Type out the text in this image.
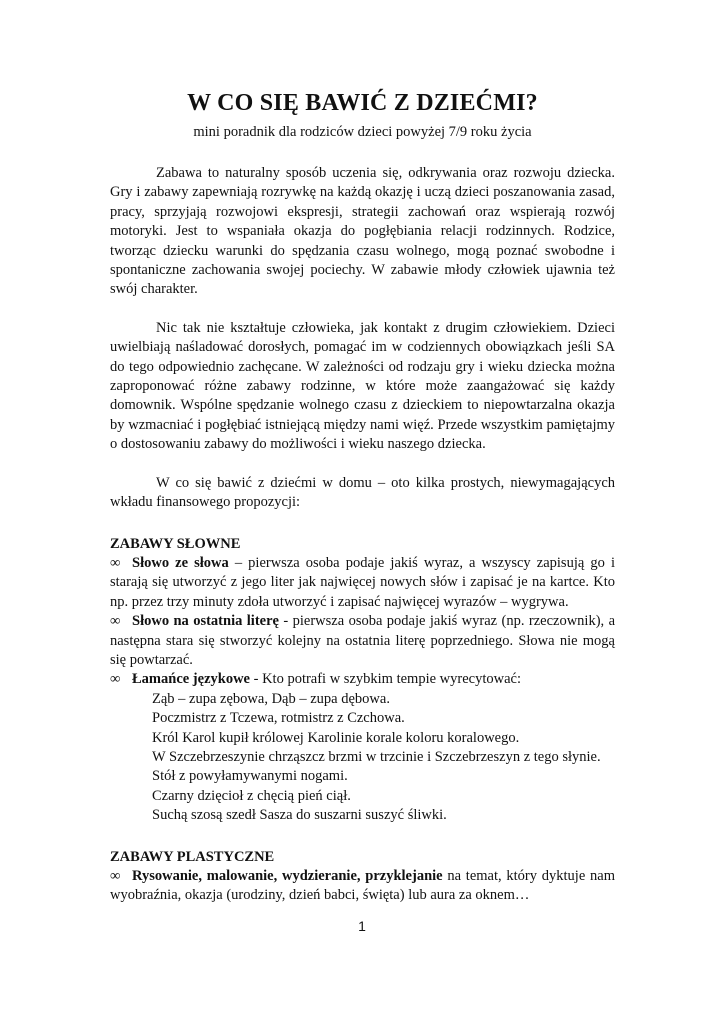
W CO SIĘ BAWIĆ Z DZIEĆMI?

mini poradnik dla rodziców dzieci powyżej 7/9 roku życia

Zabawa to naturalny sposób uczenia się, odkrywania oraz rozwoju dziecka. Gry i zabawy zapewniają rozrywkę na każdą okazję i uczą dzieci poszanowania zasad, pracy, sprzyjają rozwojowi ekspresji, strategii zachowań oraz wspierają rozwój motoryki. Jest to wspaniała okazja do pogłębiania relacji rodzinnych. Rodzice, tworząc dziecku warunki do spędzania czasu wolnego, mogą poznać swobodne i spontaniczne zachowania swojej pociechy. W zabawie młody człowiek ujawnia też swój charakter.

Nic tak nie kształtuje człowieka, jak kontakt z drugim człowiekiem. Dzieci uwielbiają naśladować dorosłych, pomagać im w codziennych obowiązkach jeśli SA do tego odpowiednio zachęcane. W zależności od rodzaju gry i wieku dziecka można zaproponować różne zabawy rodzinne, w które może zaangażować się każdy domownik. Wspólne spędzanie wolnego czasu z dzieckiem to niepowtarzalna okazja by wzmacniać i pogłębiać istniejącą między nami więź. Przede wszystkim pamiętajmy o dostosowaniu zabawy do możliwości i wieku naszego dziecka.

W co się bawić z dziećmi w domu – oto kilka prostych, niewymagających wkładu finansowego propozycji:

ZABAWY SŁOWNE

∞ Słowo ze słowa – pierwsza osoba podaje jakiś wyraz, a wszyscy zapisują go i starają się utworzyć z jego liter jak najwięcej nowych słów i zapisać je na kartce. Kto np. przez trzy minuty zdoła utworzyć i zapisać najwięcej wyrazów – wygrywa.

∞ Słowo na ostatnia literę - pierwsza osoba podaje jakiś wyraz (np. rzeczownik), a następna stara się stworzyć kolejny na ostatnia literę poprzedniego. Słowa nie mogą się powtarzać.

∞ Łamańce językowe - Kto potrafi w szybkim tempie wyrecytować:

Ząb – zupa zębowa, Dąb – zupa dębowa.
Poczmistrz z Tczewa, rotmistrz z Czchowa.
Król Karol kupił królowej Karolinie korale koloru koralowego.
W Szczebrzeszynie chrząszcz brzmi w trzcinie i Szczebrzeszyn z tego słynie.
Stół z powyłamywanymi nogami.
Czarny dzięcioł z chęcią pień ciął.
Suchą szosą szedł Sasza do suszarni suszyć śliwki.
ZABAWY PLASTYCZNE

∞ Rysowanie, malowanie, wydzieranie, przyklejanie na temat, który dyktuje nam wyobraźnia, okazja (urodziny, dzień babci, święta) lub aura za oknem…

1
